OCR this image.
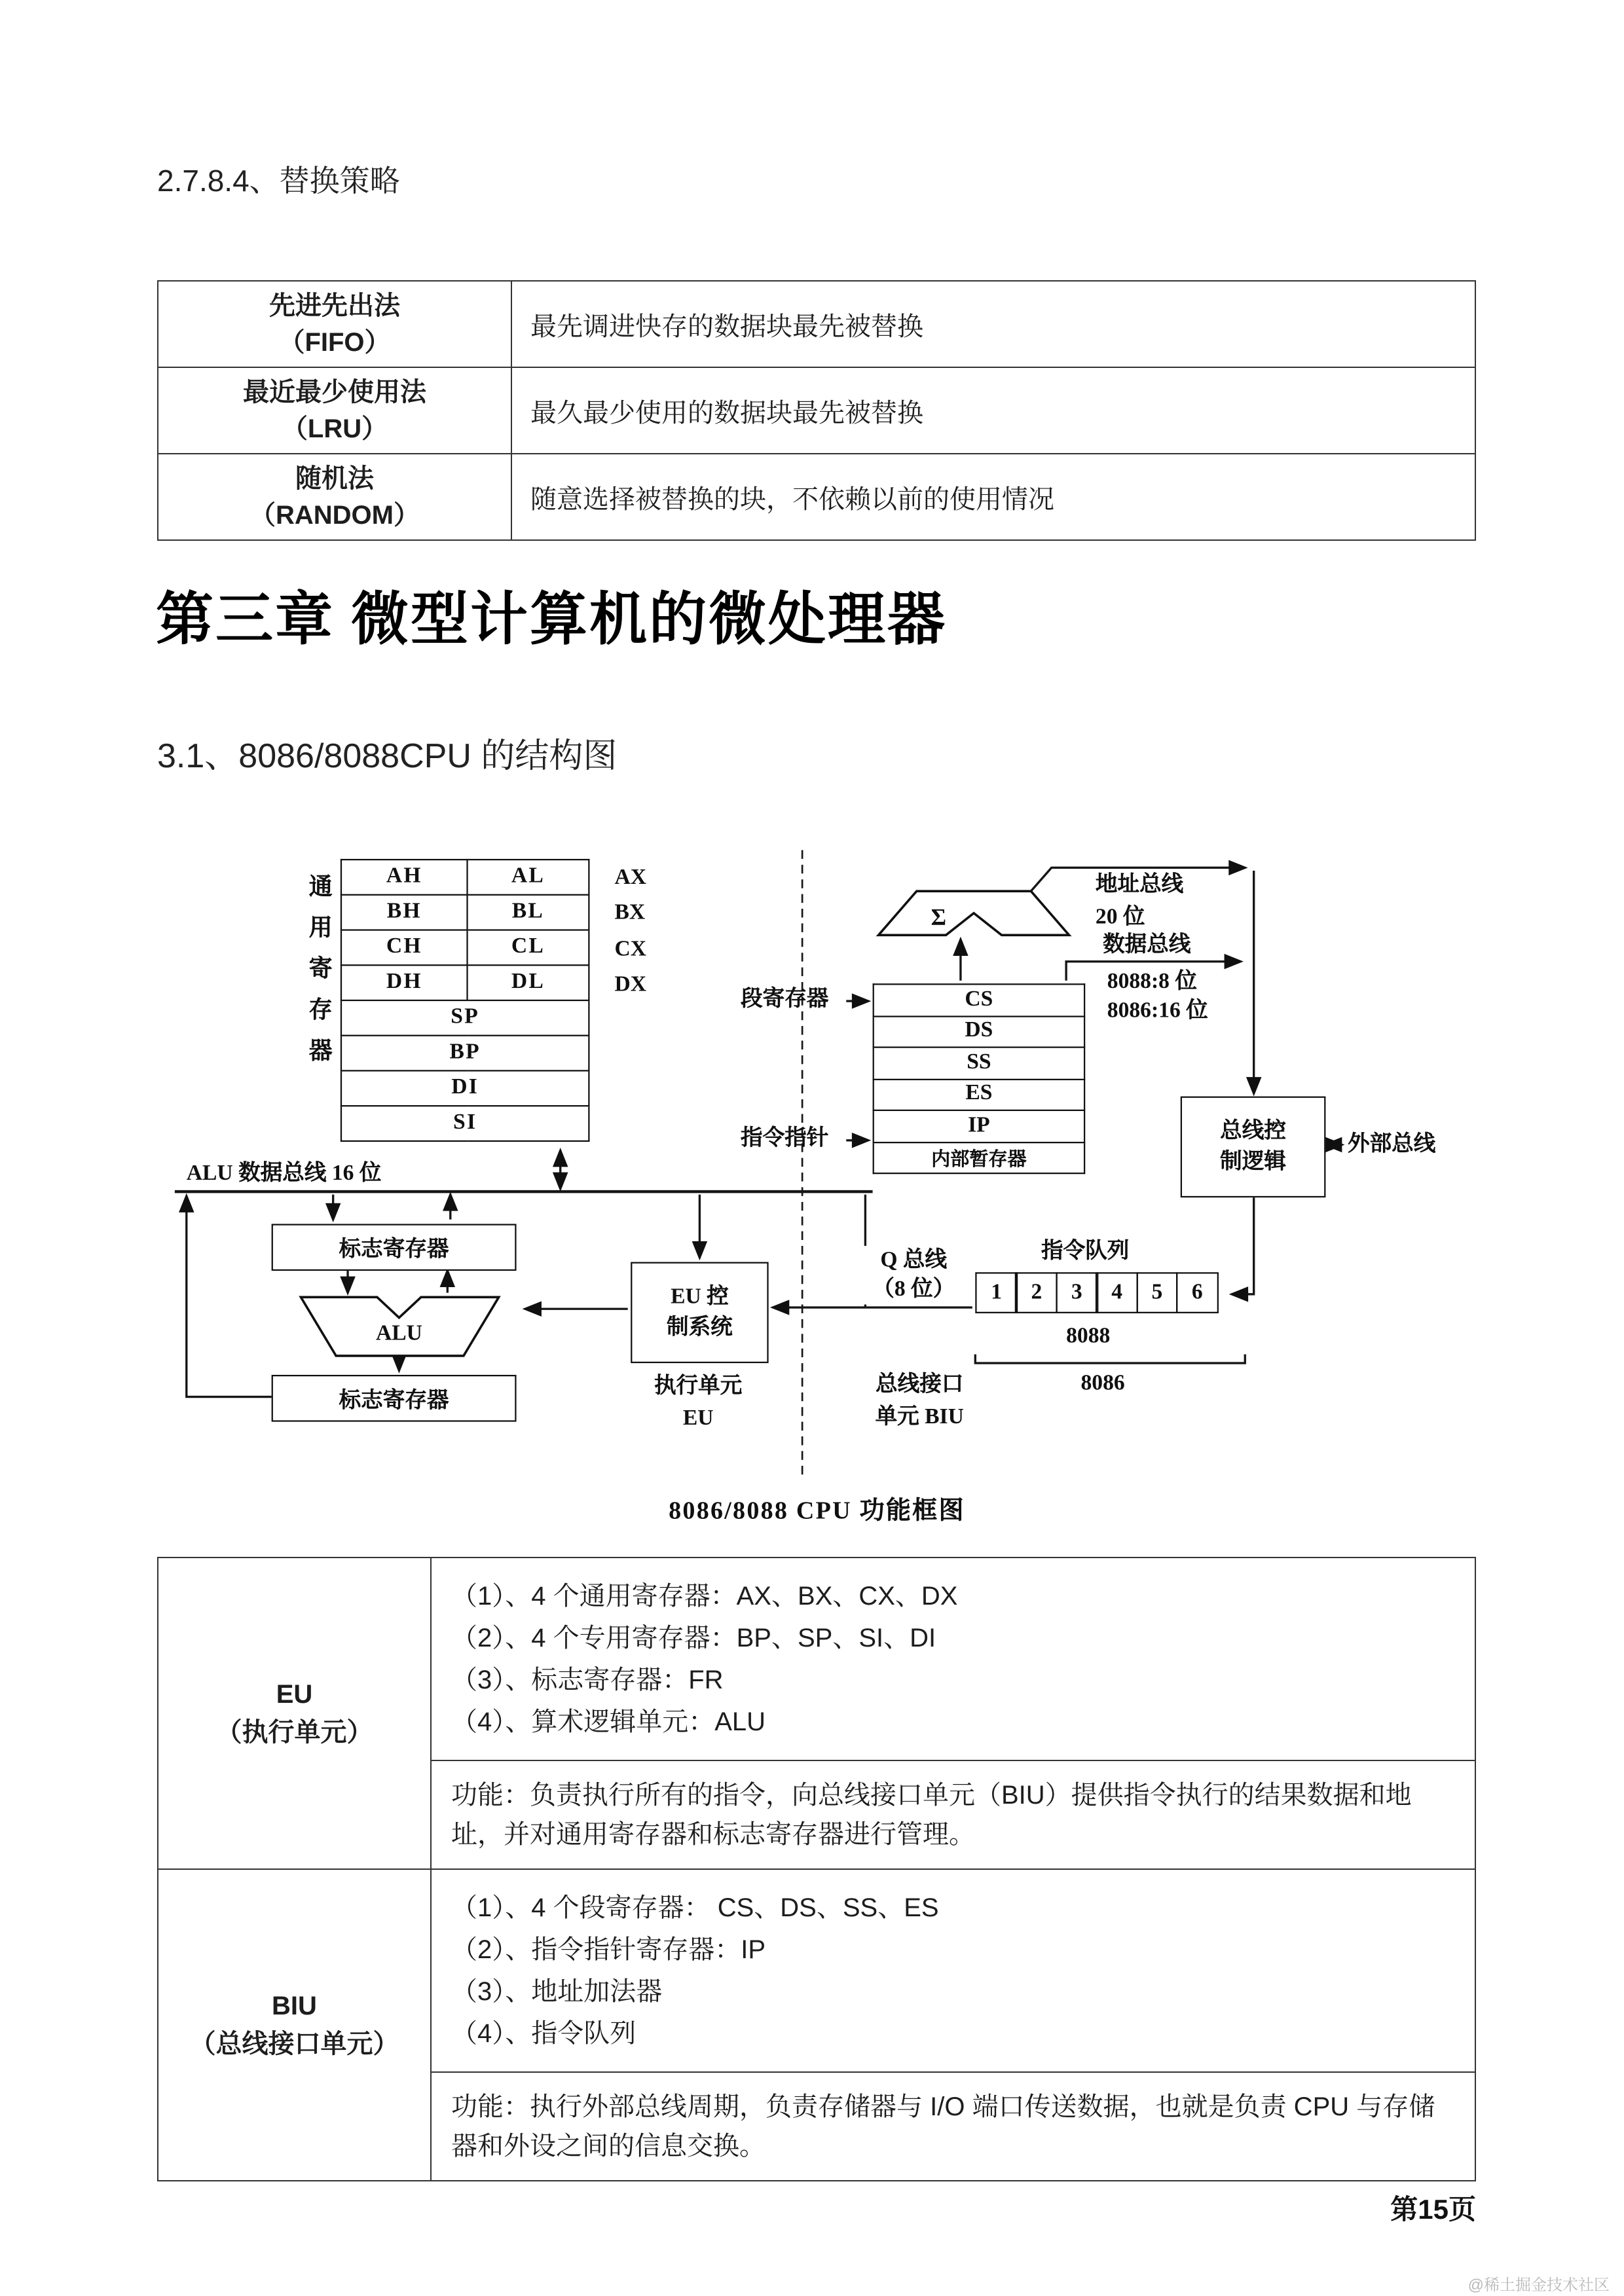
2.7.8.4、替换策略
先进先出法
（FIFO）	最先调进快存的数据块最先被替换

最近最少使用法
（LRU）	最久最少使用的数据块最先被替换

随机法
（RANDOM）	随意选择被替换的块，不依赖以前的使用情况
第三章 微型计算机的微处理器
3.1、8086/8088CPU 的结构图
ALU
Σ
通用寄存器	AH	AL
BH	BL
CH	CL
DH	DL
SP	
BP	
DI	
SI	
AX
BX
CX
DX
ALU 数据总线 16 位
标志寄存器
标志寄存器
EU 控
制系统
执行单元
EU
段寄存器
指令指针
CS
DS
SS
ES
IP
内部暂存器
地址总线
20 位
数据总线
8088:8 位
8086:16 位
总线控
制逻辑
外部总线
Q 总线
（8 位）
指令队列
1	2	3	4	5	6
8088
8086
总线接口
单元 BIU
8086/8088 CPU 功能框图
EU
（执行单元）

（1）、4 个通用寄存器：AX、BX、CX、DX
（2）、4 个专用寄存器：BP、SP、SI、DI
（3）、标志寄存器：FR
（4）、算术逻辑单元：ALU

	功能：负责执行所有的指令，向总线接口单元（BIU）提供指令执行的结果数据和地址，并对通用寄存器和标志寄存器进行管理。

BIU
（总线接口单元）

（1）、4 个段寄存器： CS、DS、SS、ES
（2）、指令指针寄存器：IP
（3）、地址加法器
（4）、指令队列

	功能：执行外部总线周期，负责存储器与 I/O 端口传送数据，也就是负责 CPU 与存储器和外设之间的信息交换。
第15页
@稀土掘金技术社区
